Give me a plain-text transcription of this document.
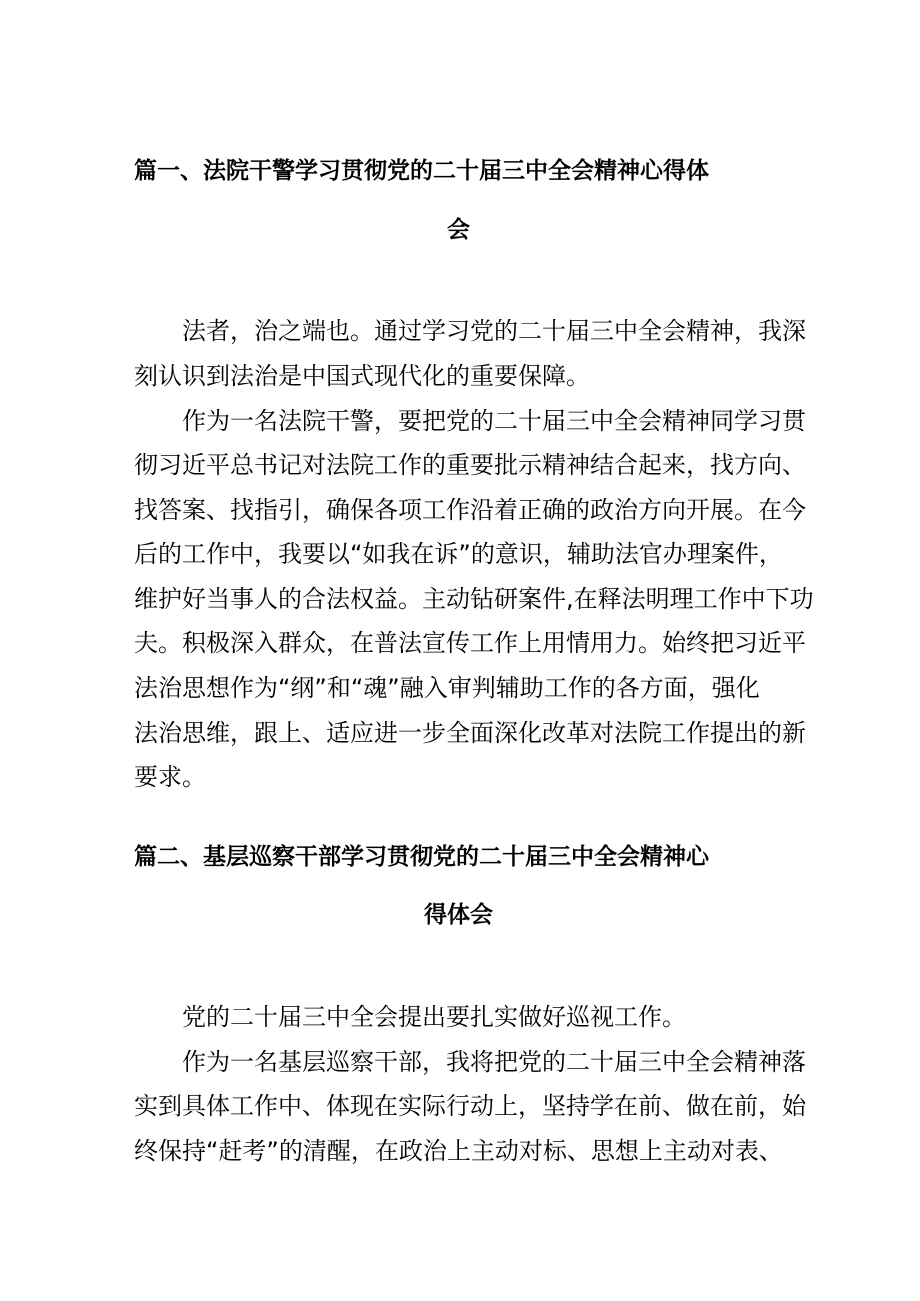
篇一、法院干警学习贯彻党的二十届三中全会精神心得体
会
法者，治之端也。通过学习党的二十届三中全会精神，我深
刻认识到法治是中国式现代化的重要保障。
作为一名法院干警，要把党的二十届三中全会精神同学习贯
彻习近平总书记对法院工作的重要批示精神结合起来，找方向、
找答案、找指引，确保各项工作沿着正确的政治方向开展。在今
后的工作中，我要以“如我在诉”的意识，辅助法官办理案件，
维护好当事人的合法权益。主动钻研案件,在释法明理工作中下功
夫。积极深入群众，在普法宣传工作上用情用力。始终把习近平
法治思想作为“纲”和“魂”融入审判辅助工作的各方面，强化
法治思维，跟上、适应进一步全面深化改革对法院工作提出的新
要求。
篇二、基层巡察干部学习贯彻党的二十届三中全会精神心
得体会
党的二十届三中全会提出要扎实做好巡视工作。
作为一名基层巡察干部，我将把党的二十届三中全会精神落
实到具体工作中、体现在实际行动上，坚持学在前、做在前，始
终保持“赶考”的清醒，在政治上主动对标、思想上主动对表、
